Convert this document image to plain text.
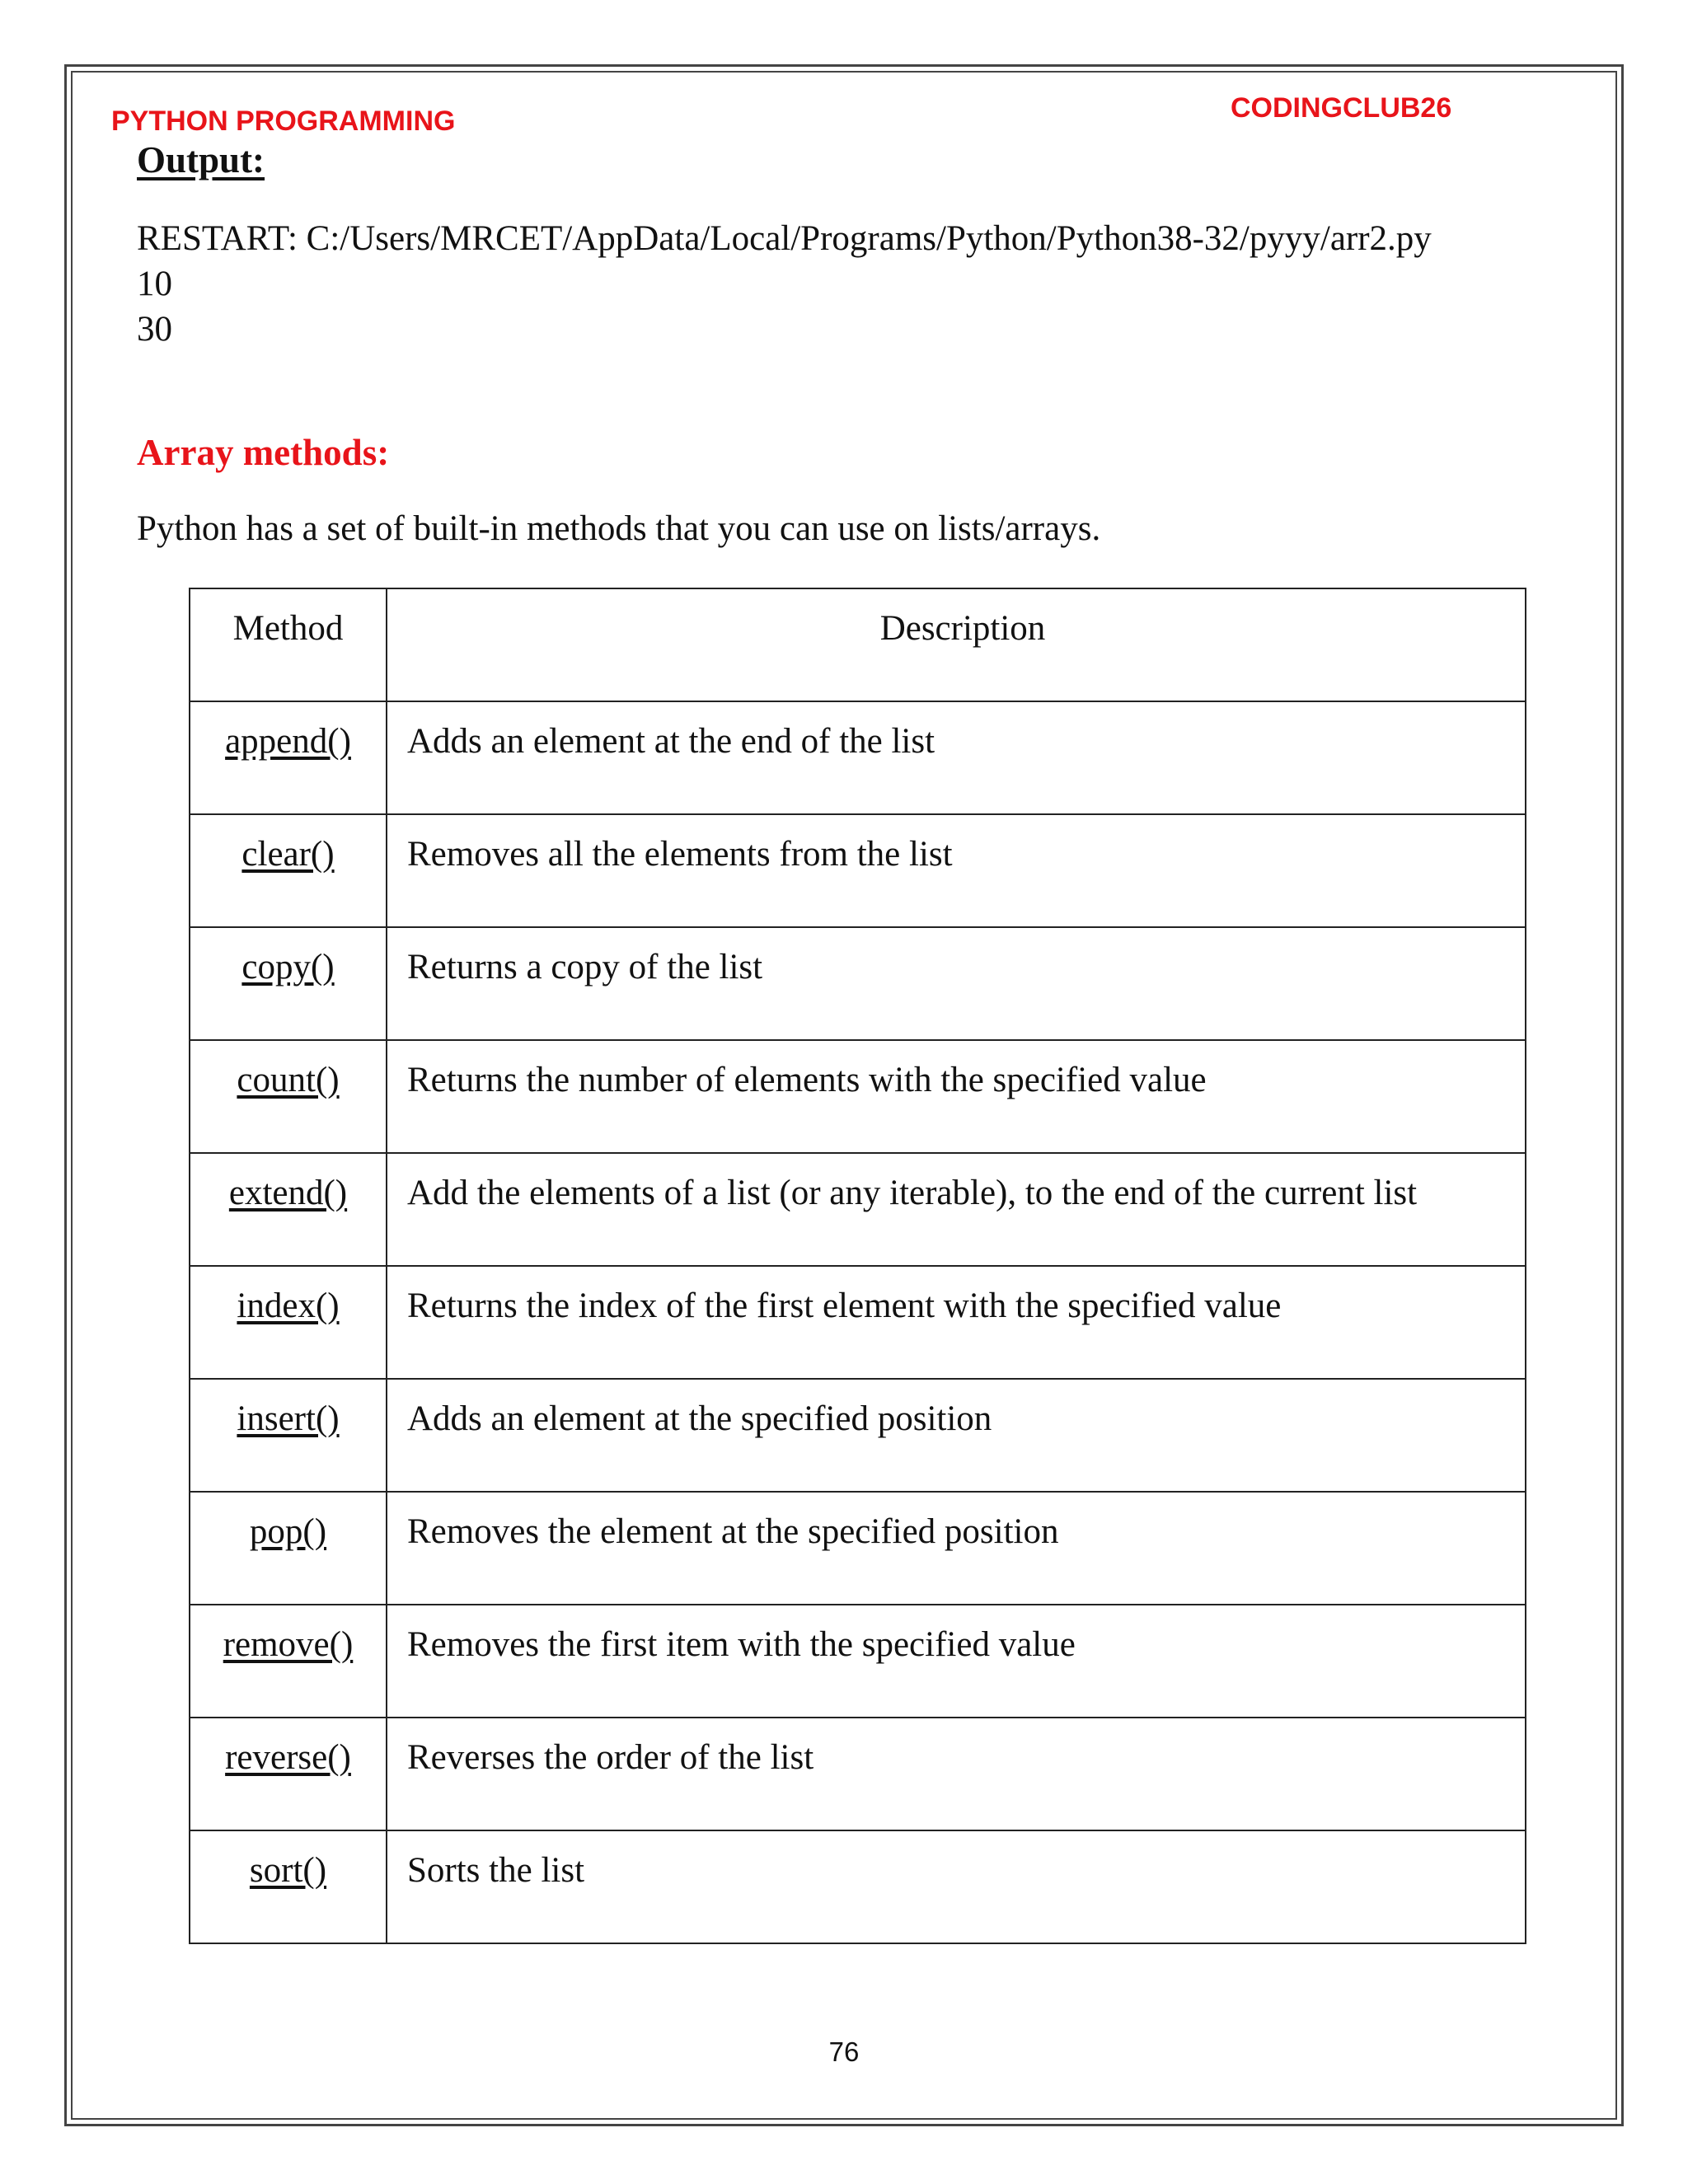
PYTHON PROGRAMMING	CODINGCLUB26
Output:
RESTART: C:/Users/MRCET/AppData/Local/Programs/Python/Python38-32/pyyy/arr2.py
10
30
Array methods:
Python has a set of built-in methods that you can use on lists/arrays.
Method	Description
append()	Adds an element at the end of the list
clear()	Removes all the elements from the list
copy()	Returns a copy of the list
count()	Returns the number of elements with the specified value
extend()	Add the elements of a list (or any iterable), to the end of the current list
index()	Returns the index of the first element with the specified value
insert()	Adds an element at the specified position
pop()	Removes the element at the specified position
remove()	Removes the first item with the specified value
reverse()	Reverses the order of the list
sort()	Sorts the list
76
